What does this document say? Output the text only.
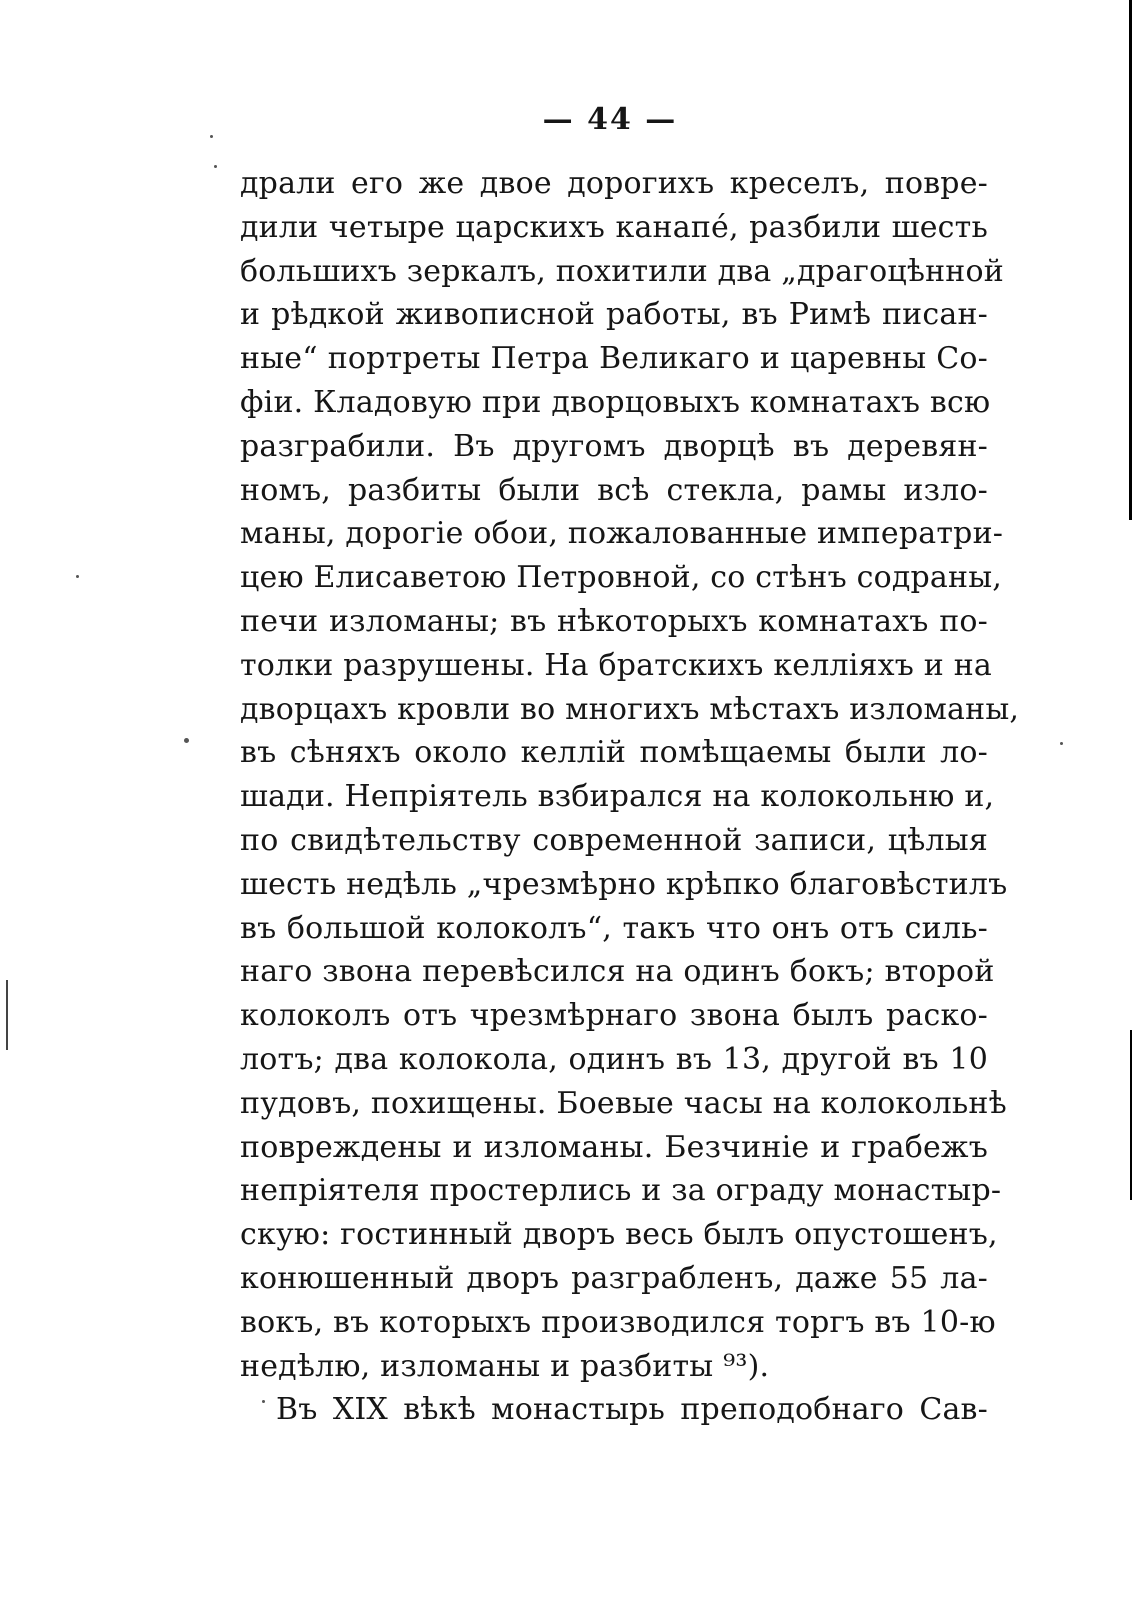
— 44 —
драли его же двое дорогихъ креселъ, повре-
дили четыре царскихъ канапе́, разбили шесть
большихъ зеркалъ, похитили два „драгоцѣнной
и рѣдкой живописной работы, въ Римѣ писан-
ные“ портреты Петра Великаго и царевны Со-
фіи. Кладовую при дворцовыхъ комнатахъ всю
разграбили. Въ другомъ дворцѣ въ деревян-
номъ, разбиты были всѣ стекла, рамы изло-
маны, дорогіе обои, пожалованные императри-
цею Елисаветою Петровной, со стѣнъ содраны,
печи изломаны; въ нѣкоторыхъ комнатахъ по-
толки разрушены. На братскихъ келліяхъ и на
дворцахъ кровли во многихъ мѣстахъ изломаны,
въ сѣняхъ около келлій помѣщаемы были ло-
шади. Непріятель взбирался на колокольню и,
по свидѣтельству современной записи, цѣлыя
шесть недѣль „чрезмѣрно крѣпко благовѣстилъ
въ большой колоколъ“, такъ что онъ отъ силь-
наго звона перевѣсился на одинъ бокъ; второй
колоколъ отъ чрезмѣрнаго звона былъ раско-
лотъ; два колокола, одинъ въ 13, другой въ 10
пудовъ, похищены. Боевые часы на колокольнѣ
повреждены и изломаны. Безчиніе и грабежъ
непріятеля простерлись и за ограду монастыр-
скую: гостинный дворъ весь былъ опустошенъ,
конюшенный дворъ разграбленъ, даже 55 ла-
вокъ, въ которыхъ производился торгъ въ 10-ю
недѣлю, изломаны и разбиты ⁹³).
Въ XIX вѣкѣ монастырь преподобнаго Сав-
